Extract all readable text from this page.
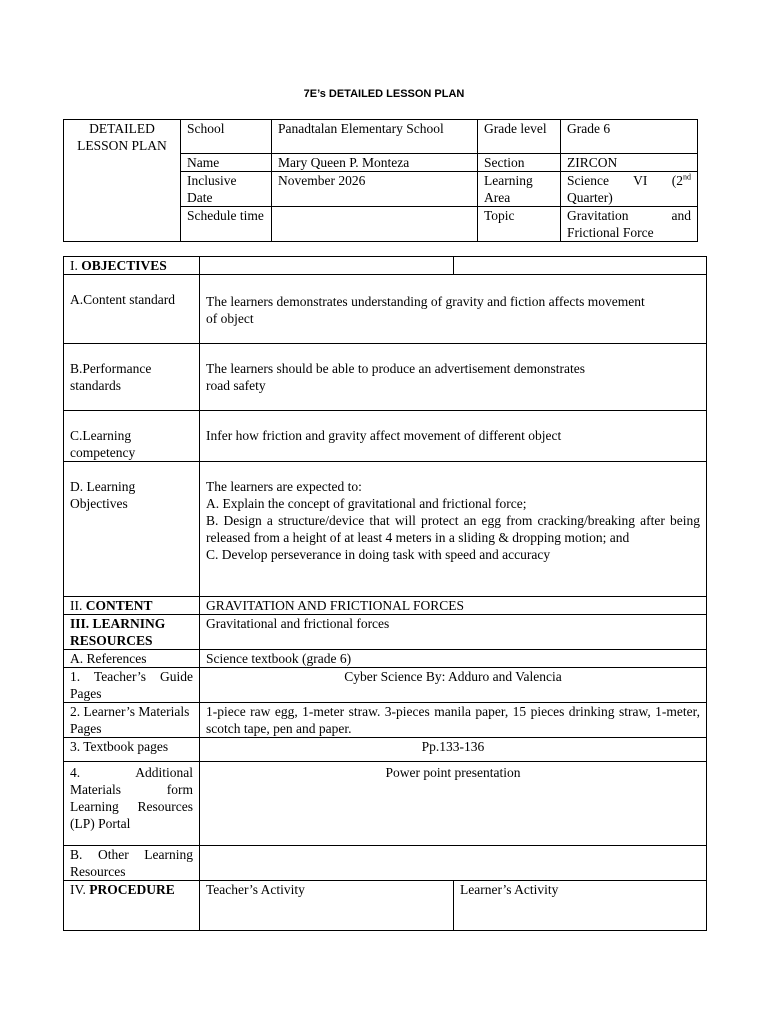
7E’s DETAILED LESSON PLAN
DETAILED LESSON PLAN	School	Panadtalan Elementary School	Grade level	Grade 6
	Name	Mary Queen P. Monteza	Section	ZIRCON
	Inclusive Date	November 2026	Learning Area	Science VI (2nd Quarter)
	Schedule time		Topic	Gravitation and Frictional Force
I. OBJECTIVES		
A.Content standard	The learners demonstrates understanding of gravity and fiction affects movement
of object	

B.Performance standards	The learners should be able to produce an advertisement demonstrates
road safety	

C.Learning competency	Infer how friction and gravity affect movement of different object	
D. Learning Objectives	The learners are expected to:
A. Explain the concept of gravitational and frictional force;
B. Design a structure/device that will protect an egg from cracking/breaking after being released from a height of at least 4 meters in a sliding & dropping motion; and
C. Develop perseverance in doing task with speed and accuracy	

II. CONTENT	GRAVITATION AND FRICTIONAL FORCES	
III. LEARNING RESOURCES	Gravitational and frictional forces	
A. References	Science textbook (grade 6)	
1. Teacher’s Guide Pages	Cyber Science By: Adduro and Valencia	
2. Learner’s Materials Pages	1-piece raw egg, 1-meter straw. 3-pieces manila paper, 15 pieces drinking straw, 1-meter, scotch tape, pen and paper.	
3. Textbook pages	Pp.133-136	
4. Additional Materials form Learning Resources (LP) Portal	Power point presentation	
B. Other Learning Resources		
IV. PROCEDURE	Teacher’s Activity	Learner’s Activity
